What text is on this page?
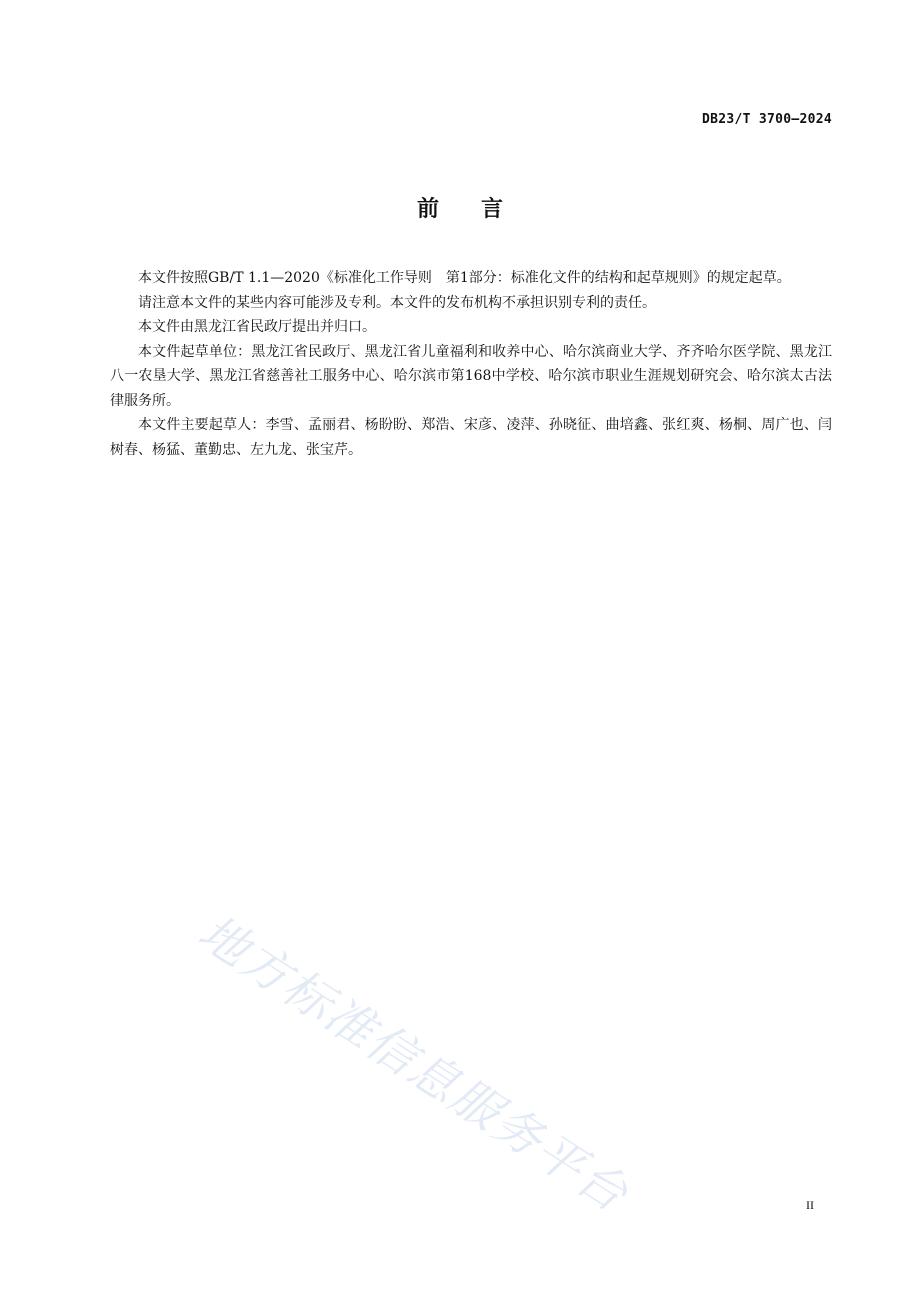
DB23/T 3700—2024
前言

本文件按照GB/T 1.1—2020《标准化工作导则　第1部分：标准化文件的结构和起草规则》的规定起草。

请注意本文件的某些内容可能涉及专利。本文件的发布机构不承担识别专利的责任。

本文件由黑龙江省民政厅提出并归口。

本文件起草单位：黑龙江省民政厅、黑龙江省儿童福利和收养中心、哈尔滨商业大学、齐齐哈尔医学院、黑龙江八一农垦大学、黑龙江省慈善社工服务中心、哈尔滨市第168中学校、哈尔滨市职业生涯规划研究会、哈尔滨太古法律服务所。

本文件主要起草人：李雪、孟丽君、杨盼盼、郑浩、宋彦、凌萍、孙晓征、曲培鑫、张红爽、杨桐、周广也、闫树春、杨猛、董勤忠、左九龙、张宝芹。

地方标准信息服务平台	II
